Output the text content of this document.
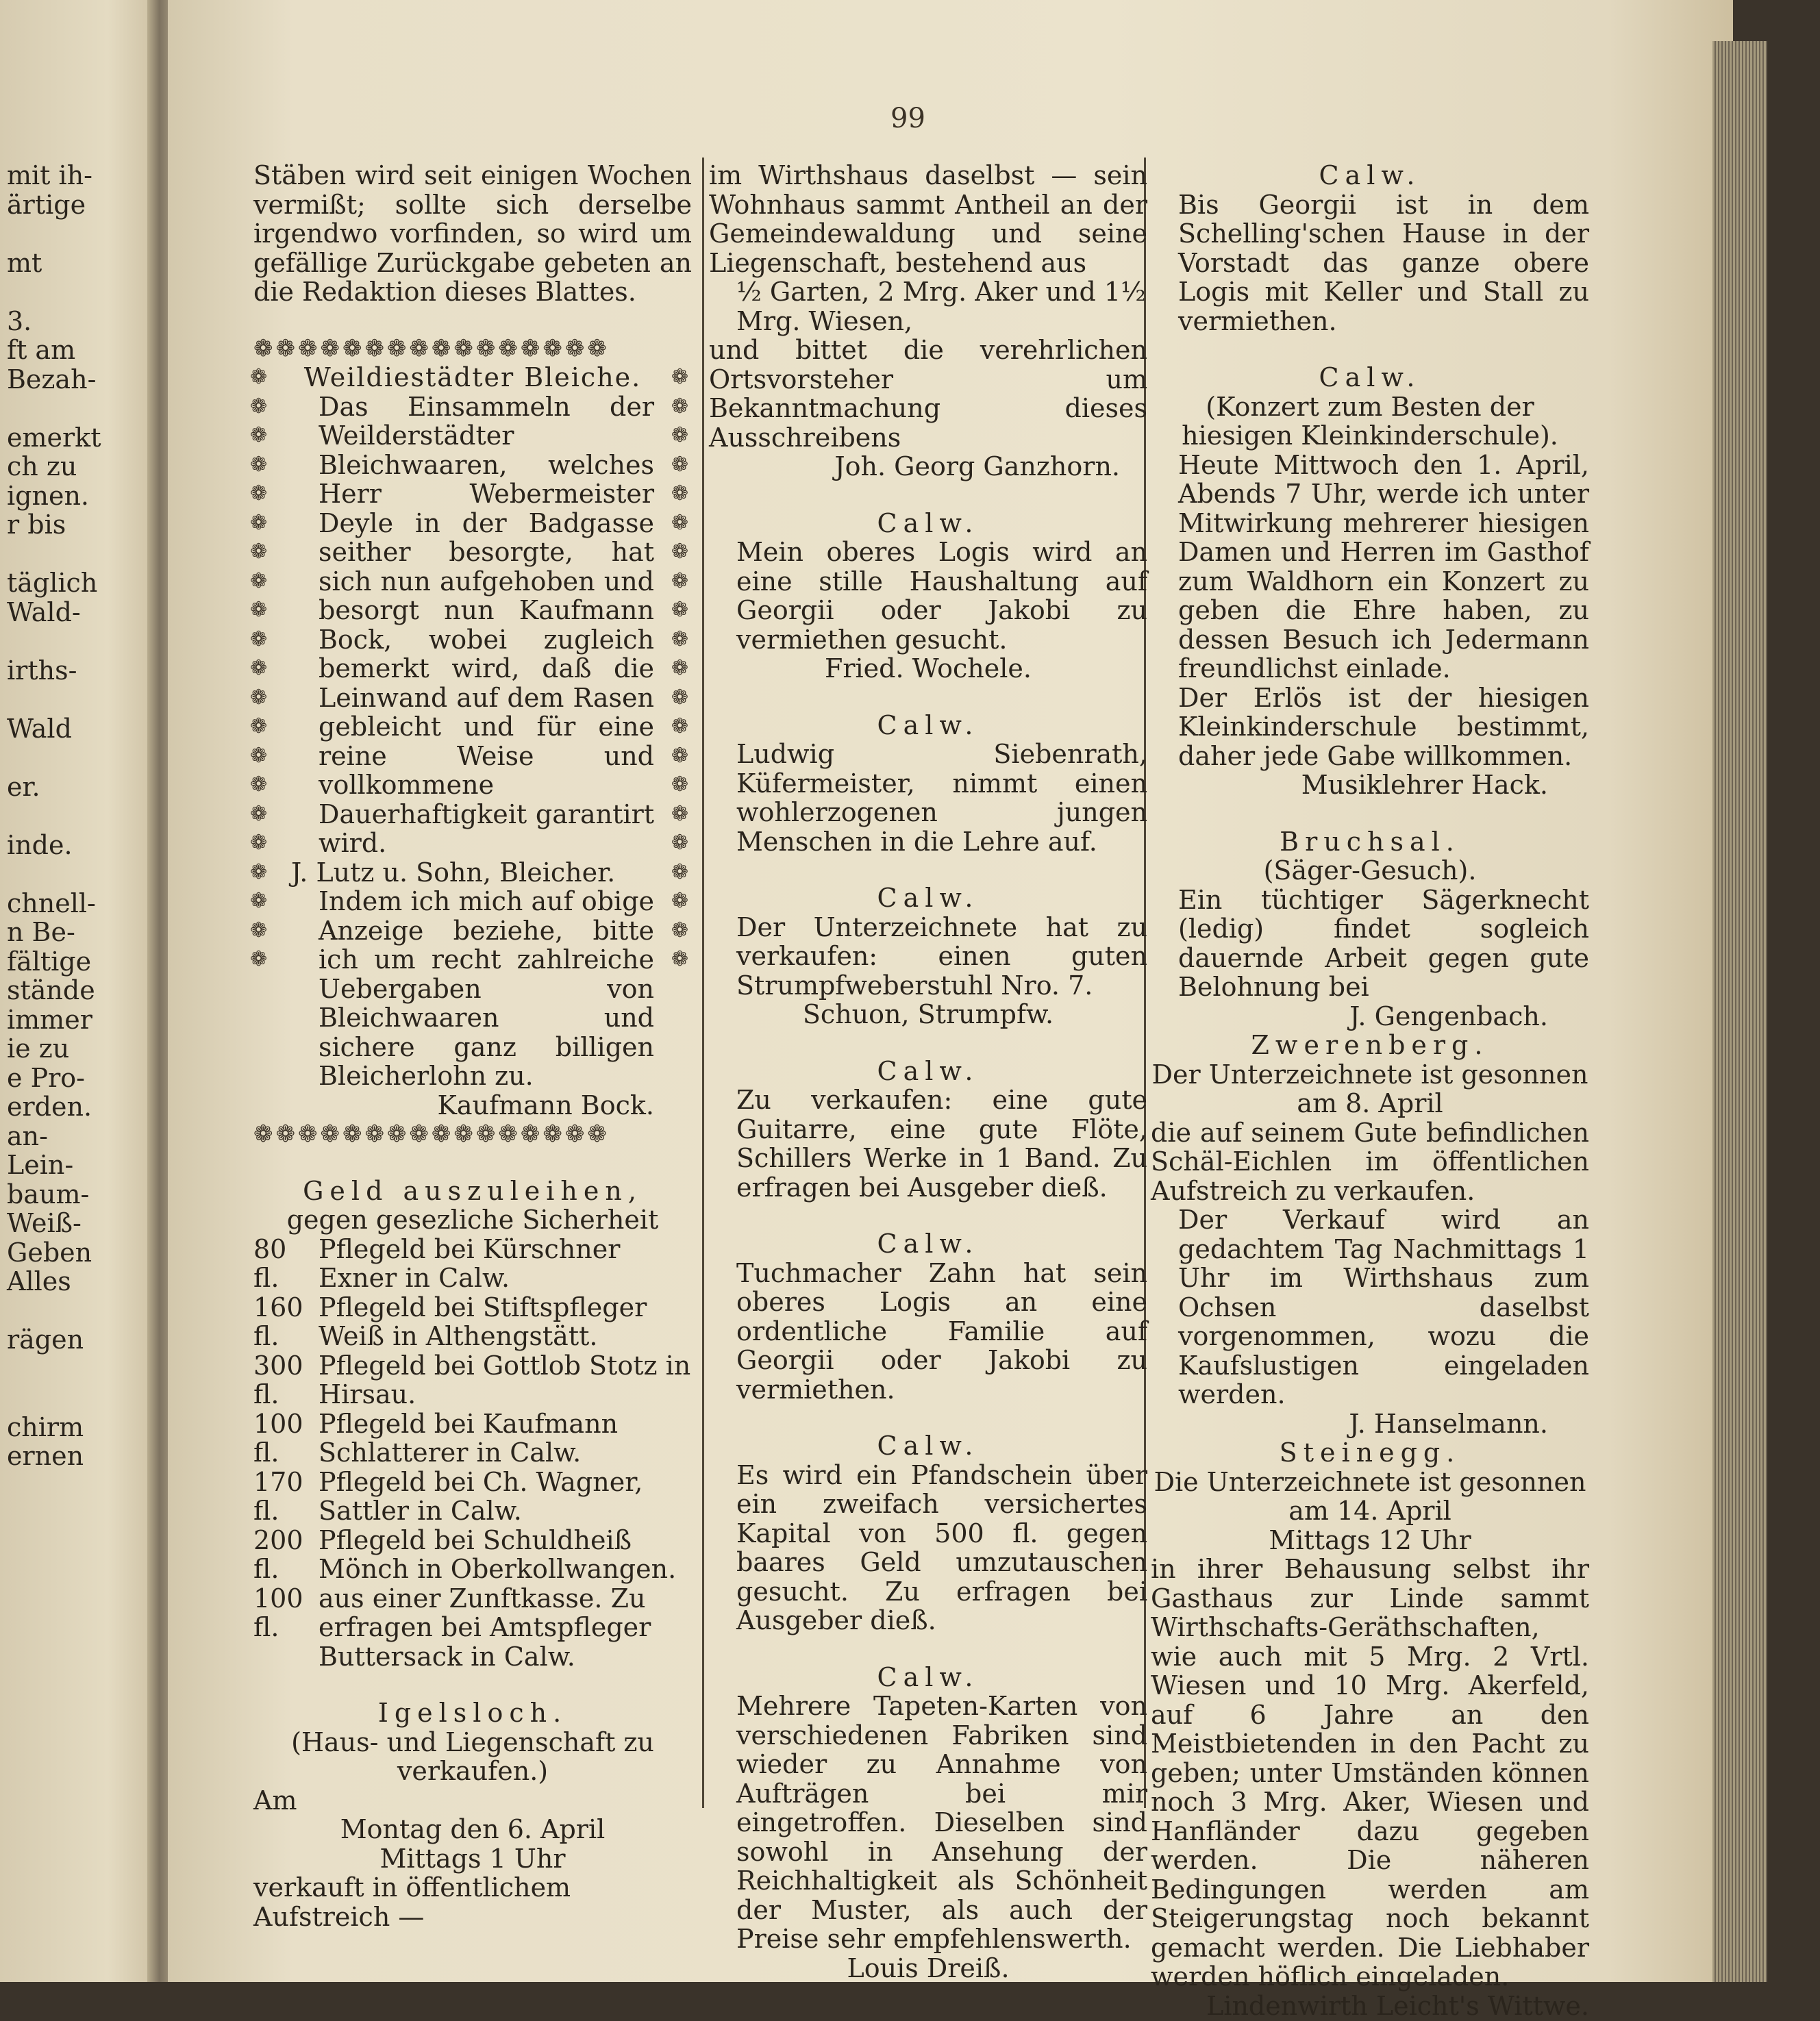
mit ih-
ärtige

mt

3.
ft am
Bezah-

emerkt
ch zu
ignen.
r bis

täglich
Wald-

irths-

Wald

er.

inde.

chnell-
n Be-
fältige
stände
immer
ie zu
e Pro-
erden.
an-
Lein-
baum-
Weiß-
Geben
Alles

rägen

chirm
ernen
99

Stäben wird seit einigen Wochen vermißt; sollte sich derselbe irgendwo vorfinden, so wird um gefällige Zurückgabe gebeten an die Redaktion dieses Blattes.

❁❁❁❁❁❁❁❁❁❁❁❁❁❁❁❁
❁
❁
❁
❁
❁
❁
❁
❁
❁
❁
❁
❁
❁
❁
❁
❁
❁
❁
❁
❁
❁
❁
❁
❁
❁
❁
❁
❁
❁
❁
❁
❁
❁
❁
❁
❁
❁
❁
❁
❁
❁
❁

Weildiestädter Bleiche.

Das Einsammeln der Weilderstädter Bleichwaaren, welches Herr Webermeister Deyle in der Badgasse seither besorgte, hat sich nun aufgehoben und besorgt nun Kaufmann Bock, wobei zugleich bemerkt wird, daß die Leinwand auf dem Rasen gebleicht und für eine reine Weise und vollkommene Dauerhaftigkeit garantirt wird.

J. Lutz u. Sohn, Bleicher.

Indem ich mich auf obige Anzeige beziehe, bitte ich um recht zahlreiche Uebergaben von Bleichwaaren und sichere ganz billigen Bleicherlohn zu.

Kaufmann Bock.

❁❁❁❁❁❁❁❁❁❁❁❁❁❁❁❁

Geld auszuleihen,

gegen gesezliche Sicherheit

80 fl.
Pflegeld bei Kürschner Exner in Calw.
160 fl.
Pflegeld bei Stiftspfleger Weiß in Althengstätt.
300 fl.
Pflegeld bei Gottlob Stotz in Hirsau.
100 fl.
Pflegeld bei Kaufmann Schlatterer in Calw.
170 fl.
Pflegeld bei Ch. Wagner, Sattler in Calw.
200 fl.
Pflegeld bei Schuldheiß Mönch in Oberkollwangen.
100 fl.
aus einer Zunftkasse. Zu erfragen bei Amtspfleger Buttersack in Calw.

Igelsloch.

(Haus- und Liegenschaft zu verkaufen.)

Am

Montag den 6. April

Mittags 1 Uhr

verkauft in öffentlichem Aufstreich —

im Wirthshaus daselbst — sein Wohnhaus sammt Antheil an der Gemeindewaldung und seine Liegenschaft, bestehend aus

½ Garten, 2 Mrg. Aker und 1½ Mrg. Wiesen,

und bittet die verehrlichen Ortsvorsteher um Bekanntmachung dieses Ausschreibens

Joh. Georg Ganzhorn.

Calw.

Mein oberes Logis wird an eine stille Haushaltung auf Georgii oder Jakobi zu vermiethen gesucht.

Fried. Wochele.

Calw.

Ludwig Siebenrath, Küfermeister, nimmt einen wohlerzogenen jungen Menschen in die Lehre auf.

Calw.

Der Unterzeichnete hat zu verkaufen: einen guten Strumpfweberstuhl Nro. 7.

Schuon, Strumpfw.

Calw.

Zu verkaufen: eine gute Guitarre, eine gute Flöte, Schillers Werke in 1 Band. Zu erfragen bei Ausgeber dieß.

Calw.

Tuchmacher Zahn hat sein oberes Logis an eine ordentliche Familie auf Georgii oder Jakobi zu vermiethen.

Calw.

Es wird ein Pfandschein über ein zweifach versichertes Kapital von 500 fl. gegen baares Geld umzutauschen gesucht. Zu erfragen bei Ausgeber dieß.

Calw.

Mehrere Tapeten-Karten von verschiedenen Fabriken sind wieder zu Annahme von Aufträgen bei mir eingetroffen. Dieselben sind sowohl in Ansehung der Reichhaltigkeit als Schönheit der Muster, als auch der Preise sehr empfehlenswerth.

Louis Dreiß.

Calw.

Bis Georgii ist in dem Schelling'schen Hause in der Vorstadt das ganze obere Logis mit Keller und Stall zu vermiethen.

Calw.

(Konzert zum Besten der hiesigen Kleinkinderschule).

Heute Mittwoch den 1. April, Abends 7 Uhr, werde ich unter Mitwirkung mehrerer hiesigen Damen und Herren im Gasthof zum Waldhorn ein Konzert zu geben die Ehre haben, zu dessen Besuch ich Jedermann freundlichst einlade.

Der Erlös ist der hiesigen Kleinkinderschule bestimmt, daher jede Gabe willkommen.

Musiklehrer Hack.

Bruchsal.

(Säger-Gesuch).

Ein tüchtiger Sägerknecht (ledig) findet sogleich dauernde Arbeit gegen gute Belohnung bei

J. Gengenbach.

Zwerenberg.

Der Unterzeichnete ist gesonnen

am 8. April

die auf seinem Gute befindlichen Schäl-Eichlen im öffentlichen Aufstreich zu verkaufen.

Der Verkauf wird an gedachtem Tag Nachmittags 1 Uhr im Wirthshaus zum Ochsen daselbst vorgenommen, wozu die Kaufslustigen eingeladen werden.

J. Hanselmann.

Steinegg.

Die Unterzeichnete ist gesonnen

am 14. April

Mittags 12 Uhr

in ihrer Behausung selbst ihr Gasthaus zur Linde sammt Wirthschafts-Geräthschaften, wie auch mit 5 Mrg. 2 Vrtl. Wiesen und 10 Mrg. Akerfeld, auf 6 Jahre an den Meistbietenden in den Pacht zu geben; unter Umständen können noch 3 Mrg. Aker, Wiesen und Hanfländer dazu gegeben werden. Die näheren Bedingungen werden am Steigerungstag noch bekannt gemacht werden. Die Liebhaber werden höflich eingeladen.

Lindenwirth Leicht's Wittwe.
